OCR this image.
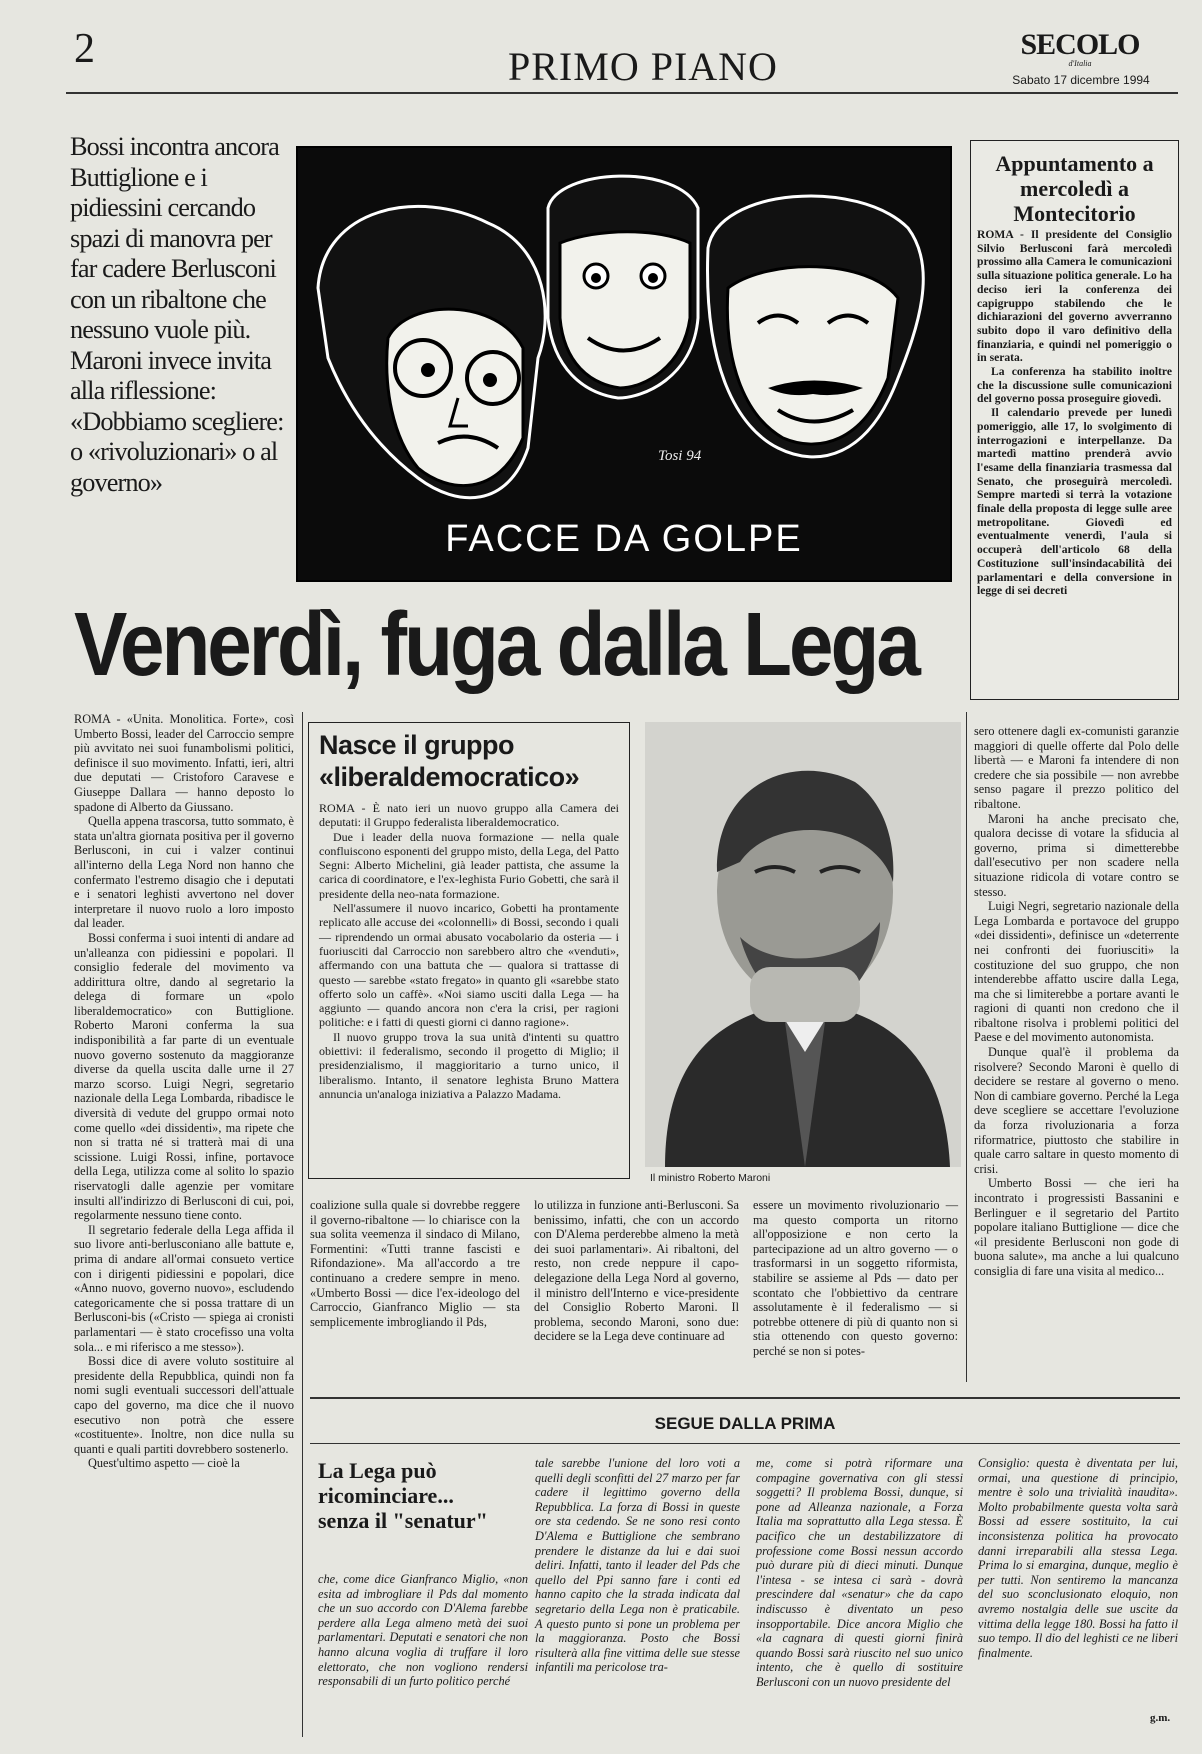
2	PRIMO PIANO	SECOLO
d'Italia
Sabato 17 dicembre 1994
Bossi incontra ancora Buttiglione e i pidiessini cercando spazi di manovra per far cadere Berlusconi con un ribaltone che nessuno vuole più. Maroni invece invita alla riflessione: «Dobbiamo scegliere: o «rivoluzionari» o al governo»
Tosi 94
FACCE DA GOLPE
Appuntamento a mercoledì a Montecitorio

ROMA - Il presidente del Consiglio Silvio Berlusconi farà mercoledì prossimo alla Camera le comunicazioni sulla situazione politica generale. Lo ha deciso ieri la conferenza dei capigruppo stabilendo che le dichiarazioni del governo avverranno subito dopo il varo definitivo della finanziaria, e quindi nel pomeriggio o in serata.

La conferenza ha stabilito inoltre che la discussione sulle comunicazioni del governo possa proseguire giovedì.

Il calendario prevede per lunedì pomeriggio, alle 17, lo svolgimento di interrogazioni e interpellanze. Da martedì mattino prenderà avvio l'esame della finanziaria trasmessa dal Senato, che proseguirà mercoledì. Sempre martedì si terrà la votazione finale della proposta di legge sulle aree metropolitane. Giovedì ed eventualmente venerdì, l'aula si occuperà dell'articolo 68 della Costituzione sull'insindacabilità dei parlamentari e della conversione in legge di sei decreti

Venerdì, fuga dalla Lega

ROMA - «Unita. Monolitica. Forte», così Umberto Bossi, leader del Carroccio sempre più avvitato nei suoi funambolismi politici, definisce il suo movimento. Infatti, ieri, altri due deputati — Cristoforo Caravese e Giuseppe Dallara — hanno deposto lo spadone di Alberto da Giussano.

Quella appena trascorsa, tutto sommato, è stata un'altra giornata positiva per il governo Berlusconi, in cui i valzer continui all'interno della Lega Nord non hanno che confermato l'estremo disagio che i deputati e i senatori leghisti avvertono nel dover interpretare il nuovo ruolo a loro imposto dal leader.

Bossi conferma i suoi intenti di andare ad un'alleanza con pidiessini e popolari. Il consiglio federale del movimento va addirittura oltre, dando al segretario la delega di formare un «polo liberaldemocratico» con Buttiglione. Roberto Maroni conferma la sua indisponibilità a far parte di un eventuale nuovo governo sostenuto da maggioranze diverse da quella uscita dalle urne il 27 marzo scorso. Luigi Negri, segretario nazionale della Lega Lombarda, ribadisce le diversità di vedute del gruppo ormai noto come quello «dei dissidenti», ma ripete che non si tratta né si tratterà mai di una scissione. Luigi Rossi, infine, portavoce della Lega, utilizza come al solito lo spazio riservatogli dalle agenzie per vomitare insulti all'indirizzo di Berlusconi di cui, poi, regolarmente nessuno tiene conto.

Il segretario federale della Lega affida il suo livore anti-berlusconiano alle battute e, prima di andare all'ormai consueto vertice con i dirigenti pidiessini e popolari, dice «Anno nuovo, governo nuovo», escludendo categoricamente che si possa trattare di un Berlusconi-bis («Cristo — spiega ai cronisti parlamentari — è stato crocefisso una volta sola... e mi riferisco a me stesso»).

Bossi dice di avere voluto sostituire al presidente della Repubblica, quindi non fa nomi sugli eventuali successori dell'attuale capo del governo, ma dice che il nuovo esecutivo non potrà che essere «costituente». Inoltre, non dice nulla su quanti e quali partiti dovrebbero sostenerlo.

Quest'ultimo aspetto — cioè la

Nasce il gruppo «liberaldemocratico»

ROMA - È nato ieri un nuovo gruppo alla Camera dei deputati: il Gruppo federalista liberaldemocratico.

Due i leader della nuova formazione — nella quale confluiscono esponenti del gruppo misto, della Lega, del Patto Segni: Alberto Michelini, già leader pattista, che assume la carica di coordinatore, e l'ex-leghista Furio Gobetti, che sarà il presidente della neo-nata formazione.

Nell'assumere il nuovo incarico, Gobetti ha prontamente replicato alle accuse dei «colonnelli» di Bossi, secondo i quali — riprendendo un ormai abusato vocabolario da osteria — i fuoriusciti dal Carroccio non sarebbero altro che «venduti», affermando con una battuta che — qualora si trattasse di questo — sarebbe «stato fregato» in quanto gli «sarebbe stato offerto solo un caffè». «Noi siamo usciti dalla Lega — ha aggiunto — quando ancora non c'era la crisi, per ragioni politiche: e i fatti di questi giorni ci danno ragione».

Il nuovo gruppo trova la sua unità d'intenti su quattro obiettivi: il federalismo, secondo il progetto di Miglio; il presidenzialismo, il maggioritario a turno unico, il liberalismo. Intanto, il senatore leghista Bruno Mattera annuncia un'analoga iniziativa a Palazzo Madama.

Il ministro Roberto Maroni

sero ottenere dagli ex-comunisti garanzie maggiori di quelle offerte dal Polo delle libertà — e Maroni fa intendere di non credere che sia possibile — non avrebbe senso pagare il prezzo politico del ribaltone.

Maroni ha anche precisato che, qualora decisse di votare la sfiducia al governo, prima si dimetterebbe dall'esecutivo per non scadere nella situazione ridicola di votare contro se stesso.

Luigi Negri, segretario nazionale della Lega Lombarda e portavoce del gruppo «dei dissidenti», definisce un «deterrente nei confronti dei fuoriusciti» la costituzione del suo gruppo, che non intenderebbe affatto uscire dalla Lega, ma che si limiterebbe a portare avanti le ragioni di quanti non credono che il ribaltone risolva i problemi politici del Paese e del movimento autonomista.

Dunque qual'è il problema da risolvere? Secondo Maroni è quello di decidere se restare al governo o meno. Non di cambiare governo. Perché la Lega deve scegliere se accettare l'evoluzione da forza rivoluzionaria a forza riformatrice, piuttosto che stabilire in quale carro saltare in questo momento di crisi.

Umberto Bossi — che ieri ha incontrato i progressisti Bassanini e Berlinguer e il segretario del Partito popolare italiano Buttiglione — dice che «il presidente Berlusconi non gode di buona salute», ma anche a lui qualcuno consiglia di fare una visita al medico...

coalizione sulla quale si dovrebbe reggere il governo-ribaltone — lo chiarisce con la sua solita veemenza il sindaco di Milano, Formentini: «Tutti tranne fascisti e Rifondazione». Ma all'accordo a tre continuano a credere sempre in meno. «Umberto Bossi — dice l'ex-ideologo del Carroccio, Gianfranco Miglio — sta semplicemente imbrogliando il Pds,

lo utilizza in funzione anti-Berlusconi. Sa benissimo, infatti, che con un accordo con D'Alema perderebbe almeno la metà dei suoi parlamentari». Ai ribaltoni, del resto, non crede neppure il capo-delegazione della Lega Nord al governo, il ministro dell'Interno e vice-presidente del Consiglio Roberto Maroni. Il problema, secondo Maroni, sono due: decidere se la Lega deve continuare ad

essere un movimento rivoluzionario — ma questo comporta un ritorno all'opposizione e non certo la partecipazione ad un altro governo — o trasformarsi in un soggetto riformista, stabilire se assieme al Pds — dato per scontato che l'obbiettivo da centrare assolutamente è il federalismo — si potrebbe ottenere di più di quanto non si stia ottenendo con questo governo: perché se non si potes-

SEGUE DALLA PRIMA
La Lega può
ricominciare...
senza il "senatur"

che, come dice Gianfranco Miglio, «non esita ad imbrogliare il Pds dal momento che un suo accordo con D'Alema farebbe perdere alla Lega almeno metà dei suoi parlamentari. Deputati e senatori che non hanno alcuna voglia di truffare il loro elettorato, che non vogliono rendersi responsabili di un furto politico perché

tale sarebbe l'unione del loro voti a quelli degli sconfitti del 27 marzo per far cadere il legittimo governo della Repubblica. La forza di Bossi in queste ore sta cedendo. Se ne sono resi conto D'Alema e Buttiglione che sembrano prendere le distanze da lui e dai suoi deliri. Infatti, tanto il leader del Pds che quello del Ppi sanno fare i conti ed hanno capito che la strada indicata dal segretario della Lega non è praticabile. A questo punto si pone un problema per la maggioranza. Posto che Bossi risulterà alla fine vittima delle sue stesse infantili ma pericolose tra-

me, come si potrà riformare una compagine governativa con gli stessi soggetti? Il problema Bossi, dunque, si pone ad Alleanza nazionale, a Forza Italia ma soprattutto alla Lega stessa. È pacifico che un destabilizzatore di professione come Bossi nessun accordo può durare più di dieci minuti. Dunque l'intesa - se intesa ci sarà - dovrà prescindere dal «senatur» che da capo indiscusso è diventato un peso insopportabile. Dice ancora Miglio che «la cagnara di questi giorni finirà quando Bossi sarà riuscito nel suo unico intento, che è quello di sostituire Berlusconi con un nuovo presidente del

Consiglio: questa è diventata per lui, ormai, una questione di principio, mentre è solo una trivialità inaudita». Molto probabilmente questa volta sarà Bossi ad essere sostituito, la cui inconsistenza politica ha provocato danni irreparabili alla stessa Lega. Prima lo si emargina, dunque, meglio è per tutti. Non sentiremo la mancanza del suo sconclusionato eloquio, non avremo nostalgia delle sue uscite da vittima della legge 180. Bossi ha fatto il suo tempo. Il dio del leghisti ce ne liberi finalmente.

g.m.
